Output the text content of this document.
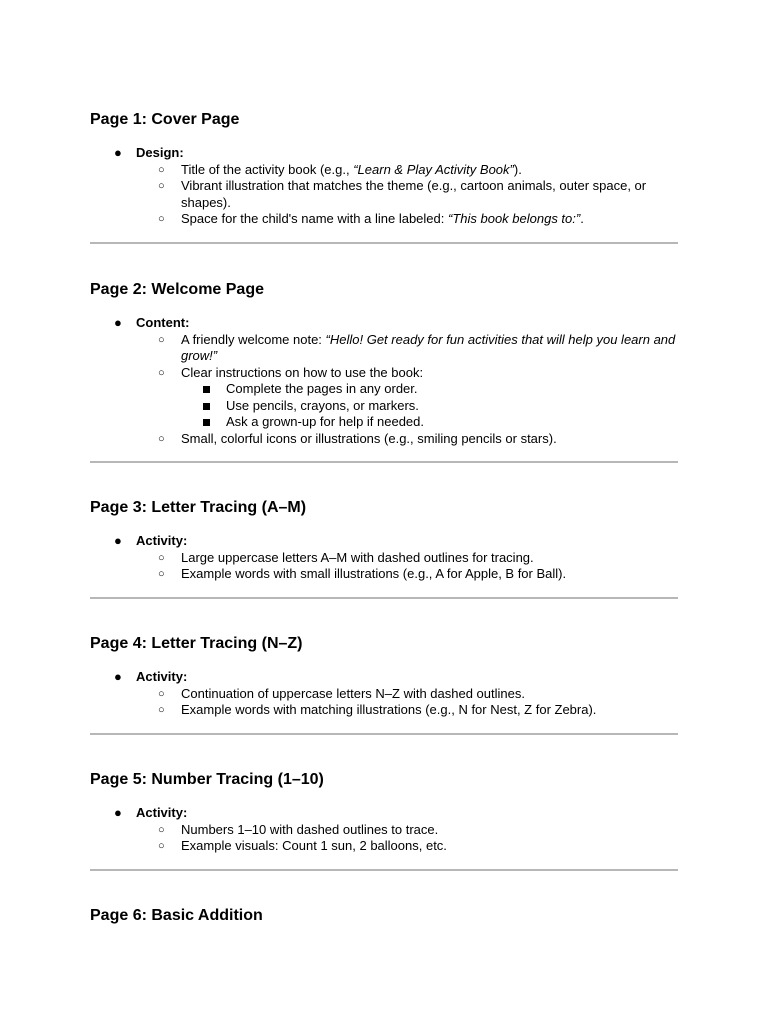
Page 1: Cover Page
● Design:
○ Title of the activity book (e.g., “Learn & Play Activity Book”).
○ Vibrant illustration that matches the theme (e.g., cartoon animals, outer space, or shapes).
○ Space for the child's name with a line labeled: “This book belongs to:”.
Page 2: Welcome Page
● Content:
○ A friendly welcome note: “Hello! Get ready for fun activities that will help you learn and grow!”
○ Clear instructions on how to use the book:
Complete the pages in any order.
Use pencils, crayons, or markers.
Ask a grown-up for help if needed.
○ Small, colorful icons or illustrations (e.g., smiling pencils or stars).
Page 3: Letter Tracing (A–M)
● Activity:
○ Large uppercase letters A–M with dashed outlines for tracing.
○ Example words with small illustrations (e.g., A for Apple, B for Ball).
Page 4: Letter Tracing (N–Z)
● Activity:
○ Continuation of uppercase letters N–Z with dashed outlines.
○ Example words with matching illustrations (e.g., N for Nest, Z for Zebra).
Page 5: Number Tracing (1–10)
● Activity:
○ Numbers 1–10 with dashed outlines to trace.
○ Example visuals: Count 1 sun, 2 balloons, etc.
Page 6: Basic Addition
